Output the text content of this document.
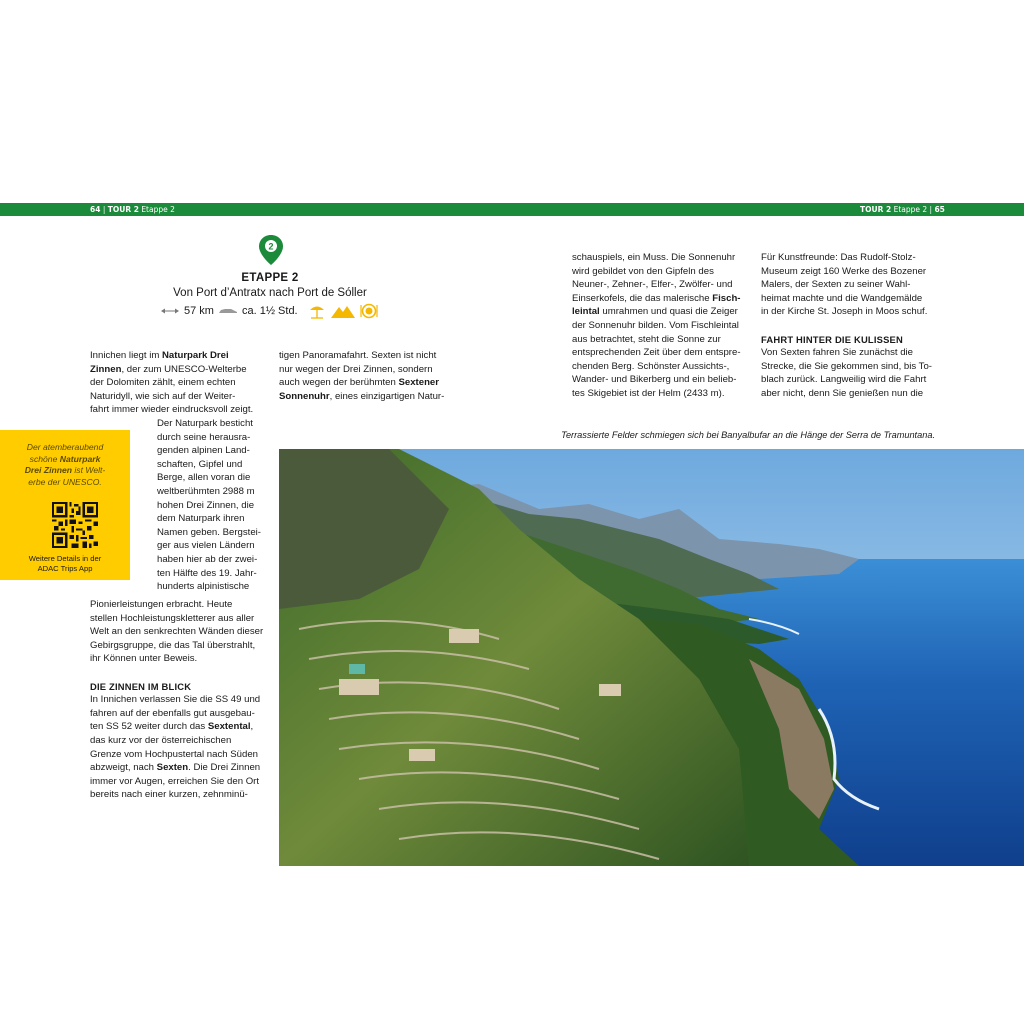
64 | TOUR 2 Etappe 2	TOUR 2 Etappe 2 | 65
2
ETAPPE 2
Von Port d’Antratx nach Port de Sóller
57 km	ca. 1½ Std.
Der atemberaubend
schöne Naturpark
Drei Zinnen ist Welt-
erbe der UNESCO.
Weitere Details in der
ADAC Trips App

Innichen liegt im Naturpark Drei

Zinnen, der zum UNESCO-Welterbe

der Dolomiten zählt, einem echten

Naturidyll, wie sich auf der Weiter-

fahrt immer wieder eindrucksvoll zeigt.

Der Naturpark besticht

durch seine herausra-

genden alpinen Land-

schaften, Gipfel und

Berge, allen voran die

weltberühmten 2988 m

hohen Drei Zinnen, die

dem Naturpark ihren

Namen geben. Bergstei-

ger aus vielen Ländern

haben hier ab der zwei-

ten Hälfte des 19. Jahr-

hunderts alpinistische

Pionierleistungen erbracht. Heute

stellen Hochleistungskletterer aus aller

Welt an den senkrechten Wänden dieser

Gebirgsgruppe, die das Tal überstrahlt,

ihr Können unter Beweis.

DIE ZINNEN IM BLICK

In Innichen verlassen Sie die SS 49 und

fahren auf der ebenfalls gut ausgebau-

ten SS 52 weiter durch das Sextental,

das kurz vor der österreichischen

Grenze vom Hochpustertal nach Süden

abzweigt, nach Sexten. Die Drei Zinnen

immer vor Augen, erreichen Sie den Ort

bereits nach einer kurzen, zehnminü-

tigen Panoramafahrt. Sexten ist nicht

nur wegen der Drei Zinnen, sondern

auch wegen der berühmten Sextener

Sonnenuhr, eines einzigartigen Natur-

schauspiels, ein Muss. Die Sonnenuhr

wird gebildet von den Gipfeln des

Neuner-, Zehner-, Elfer-, Zwölfer- und

Einserkofels, die das malerische Fisch-

leintal umrahmen und quasi die Zeiger

der Sonnenuhr bilden. Vom Fischleintal

aus betrachtet, steht die Sonne zur

entsprechenden Zeit über dem entspre-

chenden Berg. Schönster Aussichts-,

Wander- und Bikerberg und ein belieb-

tes Skigebiet ist der Helm (2433 m).

Für Kunstfreunde: Das Rudolf-Stolz-

Museum zeigt 160 Werke des Bozener

Malers, der Sexten zu seiner Wahl-

heimat machte und die Wandgemälde

in der Kirche St. Joseph in Moos schuf.

FAHRT HINTER DIE KULISSEN

Von Sexten fahren Sie zunächst die

Strecke, die Sie gekommen sind, bis To-

blach zurück. Langweilig wird die Fahrt

aber nicht, denn Sie genießen nun die

Terrassierte Felder schmiegen sich bei Banyalbufar an die Hänge der Serra de Tramuntana.
